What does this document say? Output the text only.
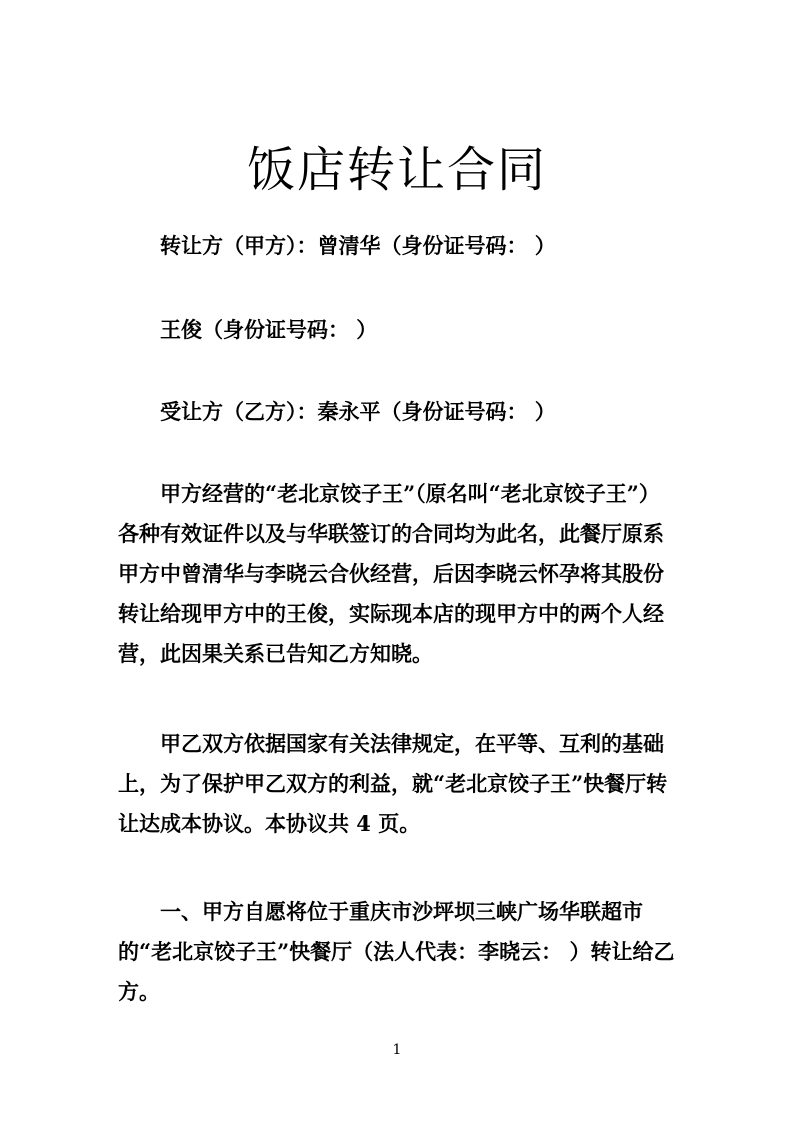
饭店转让合同

转让方（甲方）：曾清华（身份证号码： ）

王俊（身份证号码： ）

受让方（乙方）：秦永平（身份证号码： ）

甲方经营的“老北京饺子王”（原名叫“老北京饺子王”）各种有效证件以及与华联签订的合同均为此名，此餐厅原系甲方中曾清华与李晓云合伙经营，后因李晓云怀孕将其股份转让给现甲方中的王俊，实际现本店的现甲方中的两个人经营，此因果关系已告知乙方知晓。

甲乙双方依据国家有关法律规定，在平等、互利的基础上，为了保护甲乙双方的利益，就“老北京饺子王”快餐厅转让达成本协议。本协议共 4 页。

一、甲方自愿将位于重庆市沙坪坝三峡广场华联超市的“老北京饺子王”快餐厅（法人代表：李晓云： ）转让给乙方。

1
